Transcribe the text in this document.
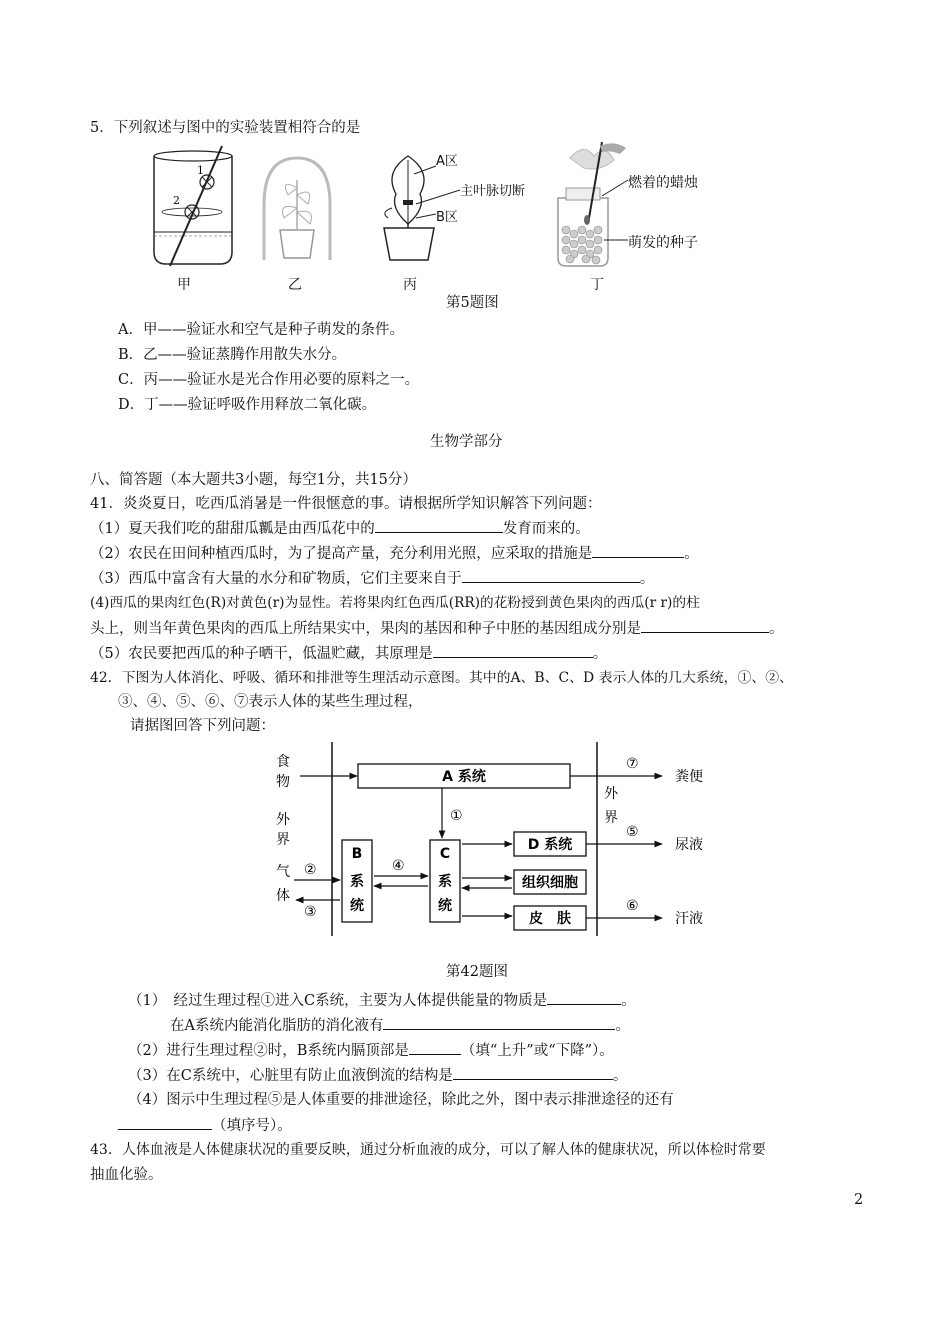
5．下列叙述与图中的实验装置相符合的是
1
2
甲	乙
A区
主叶脉切断
B区
丙
燃着的蜡烛
萌发的种子
丁
第5题图
A．甲——验证水和空气是种子萌发的条件。
B．乙——验证蒸腾作用散失水分。
C．丙——验证水是光合作用必要的原料之一。
D．丁——验证呼吸作用释放二氧化碳。
生物学部分
八、简答题（本大题共3小题，每空1分，共15分）
41．炎炎夏日，吃西瓜消暑是一件很惬意的事。请根据所学知识解答下列问题：
（1）夏天我们吃的甜甜瓜瓤是由西瓜花中的	发育而来的。
（2）农民在田间种植西瓜时，为了提高产量，充分利用光照，应采取的措施是	。
（3）西瓜中富含有大量的水分和矿物质，它们主要来自于	。
(4)西瓜的果肉红色(R)对黄色(r)为显性。若将果肉红色西瓜(RR)的花粉授到黄色果肉的西瓜(r r)的柱
头上，则当年黄色果肉的西瓜上所结果实中，果肉的基因和种子中胚的基因组成分别是	。
（5）农民要把西瓜的种子晒干，低温贮藏，其原理是	。
42．下图为人体消化、呼吸、循环和排泄等生理活动示意图。其中的A、B、C、D 表示人体的几大系统，①、②、
③、④、⑤、⑥、⑦表示人体的某些生理过程，
请据图回答下列问题：
食
物
外
界
气
体
外
界
A 系统
⑦
粪便
①
B
系
统
C
系
统
②
③
④
D 系统
组织细胞
皮　肤
⑤
尿液
⑥
汗液
第42题图
（1）　经过生理过程①进入C系统，主要为人体提供能量的物质是	。
在A系统内能消化脂肪的消化液有	。
（2）进行生理过程②时，B系统内膈顶部是	（填“上升”或“下降”）。
（3）在C系统中，心脏里有防止血液倒流的结构是	。
（4）图示中生理过程⑤是人体重要的排泄途径，除此之外，图中表示排泄途径的还有
（填序号）。
43．人体血液是人体健康状况的重要反映，通过分析血液的成分，可以了解人体的健康状况，所以体检时常要
抽血化验。
2
